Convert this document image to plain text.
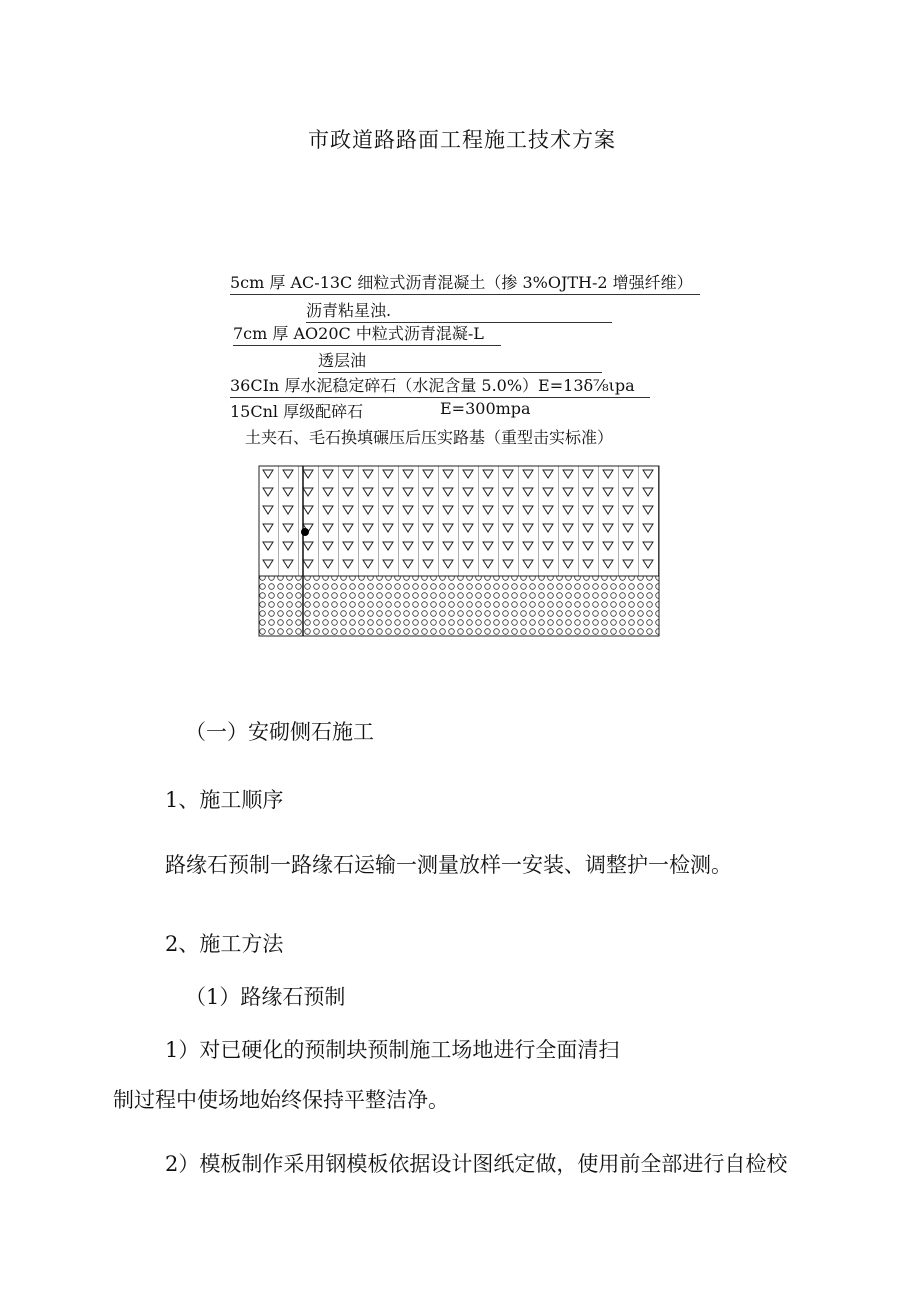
市政道路路面工程施工技术方案
5cm 厚 AC-13C 细粒式沥青混凝土（掺 3%OJTH-2 增强纤维）
沥青粘星浊.
7cm 厚 AO20C 中粒式沥青混凝-L
透层油
36CIn 厚水泥稳定碎石（水泥含量 5.0%）E=13δ⅞ιpa
15Cnl 厚级配碎石	E=300mpa
土夹石、毛石换填碾压后压实路基（重型击实标准）
（一）安砌侧石施工
1、施工顺序
路缘石预制一路缘石运输一测量放样一安装、调整护一检测。
2、施工方法
（1）路缘石预制
1）对已硬化的预制块预制施工场地进行全面清扫
制过程中使场地始终保持平整洁净。
2）模板制作采用钢模板依据设计图纸定做，使用前全部进行自检校
